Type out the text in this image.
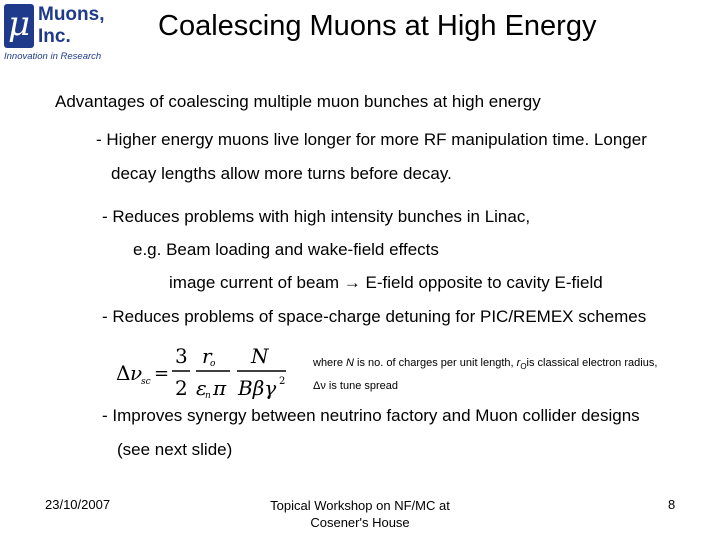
μ Muons,
Inc.
Innovation in Research
Coalescing Muons at High Energy
Advantages of coalescing multiple muon bunches at high energy
- Higher energy muons live longer for more RF manipulation time. Longer
decay lengths allow more turns before decay.
- Reduces problems with high intensity bunches in Linac,
e.g. Beam loading and wake-field effects
image current of beam → E-field opposite to cavity E-field
- Reduces problems of space-charge detuning for PIC/REMEX schemes
Δ ν
sc =
3
2
r
o
ε
n π
N
Bβγ 2
where N is no. of charges per unit length, $r_Ois$ classical electron radius,
Δν is tune spread
- Improves synergy between neutrino factory and Muon collider designs
(see next slide)
23/10/2007	Topical Workshop on NF/MC at
Cosener's House
8
